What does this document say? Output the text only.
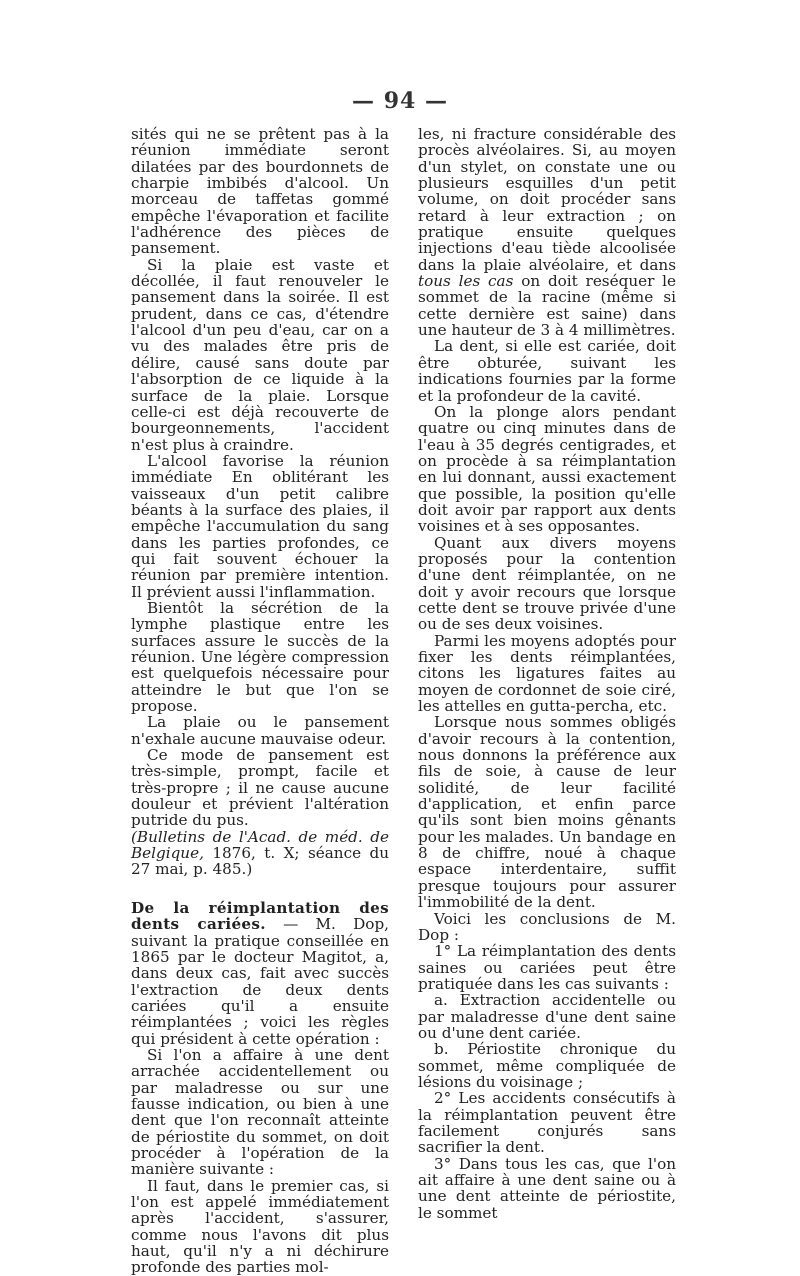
— 94 —

sités qui ne se prêtent pas à la réunion immédiate seront dilatées par des bourdonnets de charpie imbibés d'alcool. Un morceau de taffetas gommé empêche l'évaporation et facilite l'adhérence des pièces de pansement.

Si la plaie est vaste et décollée, il faut renouveler le pansement dans la soirée. Il est prudent, dans ce cas, d'étendre l'alcool d'un peu d'eau, car on a vu des malades être pris de délire, causé sans doute par l'absorption de ce liquide à la surface de la plaie. Lorsque celle-ci est déjà recouverte de bourgeonnements, l'accident n'est plus à craindre.

L'alcool favorise la réunion immédiate En oblitérant les vaisseaux d'un petit calibre béants à la surface des plaies, il empêche l'accumulation du sang dans les parties profondes, ce qui fait souvent échouer la réunion par première intention. Il prévient aussi l'inflammation.

Bientôt la sécrétion de la lymphe plastique entre les surfaces assure le succès de la réunion. Une légère compression est quelquefois nécessaire pour atteindre le but que l'on se propose.

La plaie ou le pansement n'exhale aucune mauvaise odeur.

Ce mode de pansement est très-simple, prompt, facile et très-propre ; il ne cause aucune douleur et prévient l'altération putride du pus.

(Bulletins de l'Acad. de méd. de Belgique, 1876, t. X; séance du 27 mai, p. 485.)

De la réimplantation des dents cariées. — M. Dop, suivant la pratique conseillée en 1865 par le docteur Magitot, a, dans deux cas, fait avec succès l'extraction de deux dents cariées qu'il a ensuite réimplantées ; voici les règles qui président à cette opération :

Si l'on a affaire à une dent arrachée accidentellement ou par maladresse ou sur une fausse indication, ou bien à une dent que l'on reconnaît atteinte de périostite du sommet, on doit procéder à l'opération de la manière suivante :

Il faut, dans le premier cas, si l'on est appelé immédiatement après l'accident, s'assurer, comme nous l'avons dit plus haut, qu'il n'y a ni déchirure profonde des parties mol-

les, ni fracture considérable des procès alvéolaires. Si, au moyen d'un stylet, on constate une ou plusieurs esquilles d'un petit volume, on doit procéder sans retard à leur extraction ; on pratique ensuite quelques injections d'eau tiède alcoolisée dans la plaie alvéolaire, et dans tous les cas on doit reséquer le sommet de la racine (même si cette dernière est saine) dans une hauteur de 3 à 4 millimètres.

La dent, si elle est cariée, doit être obturée, suivant les indications fournies par la forme et la profondeur de la cavité.

On la plonge alors pendant quatre ou cinq minutes dans de l'eau à 35 degrés centigrades, et on procède à sa réimplantation en lui donnant, aussi exactement que possible, la position qu'elle doit avoir par rapport aux dents voisines et à ses opposantes.

Quant aux divers moyens proposés pour la contention d'une dent réimplantée, on ne doit y avoir recours que lorsque cette dent se trouve privée d'une ou de ses deux voisines.

Parmi les moyens adoptés pour fixer les dents réimplantées, citons les ligatures faites au moyen de cordonnet de soie ciré, les attelles en gutta-percha, etc.

Lorsque nous sommes obligés d'avoir recours à la contention, nous donnons la préférence aux fils de soie, à cause de leur solidité, de leur facilité d'application, et enfin parce qu'ils sont bien moins gênants pour les malades. Un bandage en 8 de chiffre, noué à chaque espace interdentaire, suffit presque toujours pour assurer l'immobilité de la dent.

Voici les conclusions de M. Dop :

1° La réimplantation des dents saines ou cariées peut être pratiquée dans les cas suivants :

a. Extraction accidentelle ou par maladresse d'une dent saine ou d'une dent cariée.

b. Périostite chronique du sommet, même compliquée de lésions du voisinage ;

2° Les accidents consécutifs à la réimplantation peuvent être facilement conjurés sans sacrifier la dent.

3° Dans tous les cas, que l'on ait affaire à une dent saine ou à une dent atteinte de périostite, le sommet
